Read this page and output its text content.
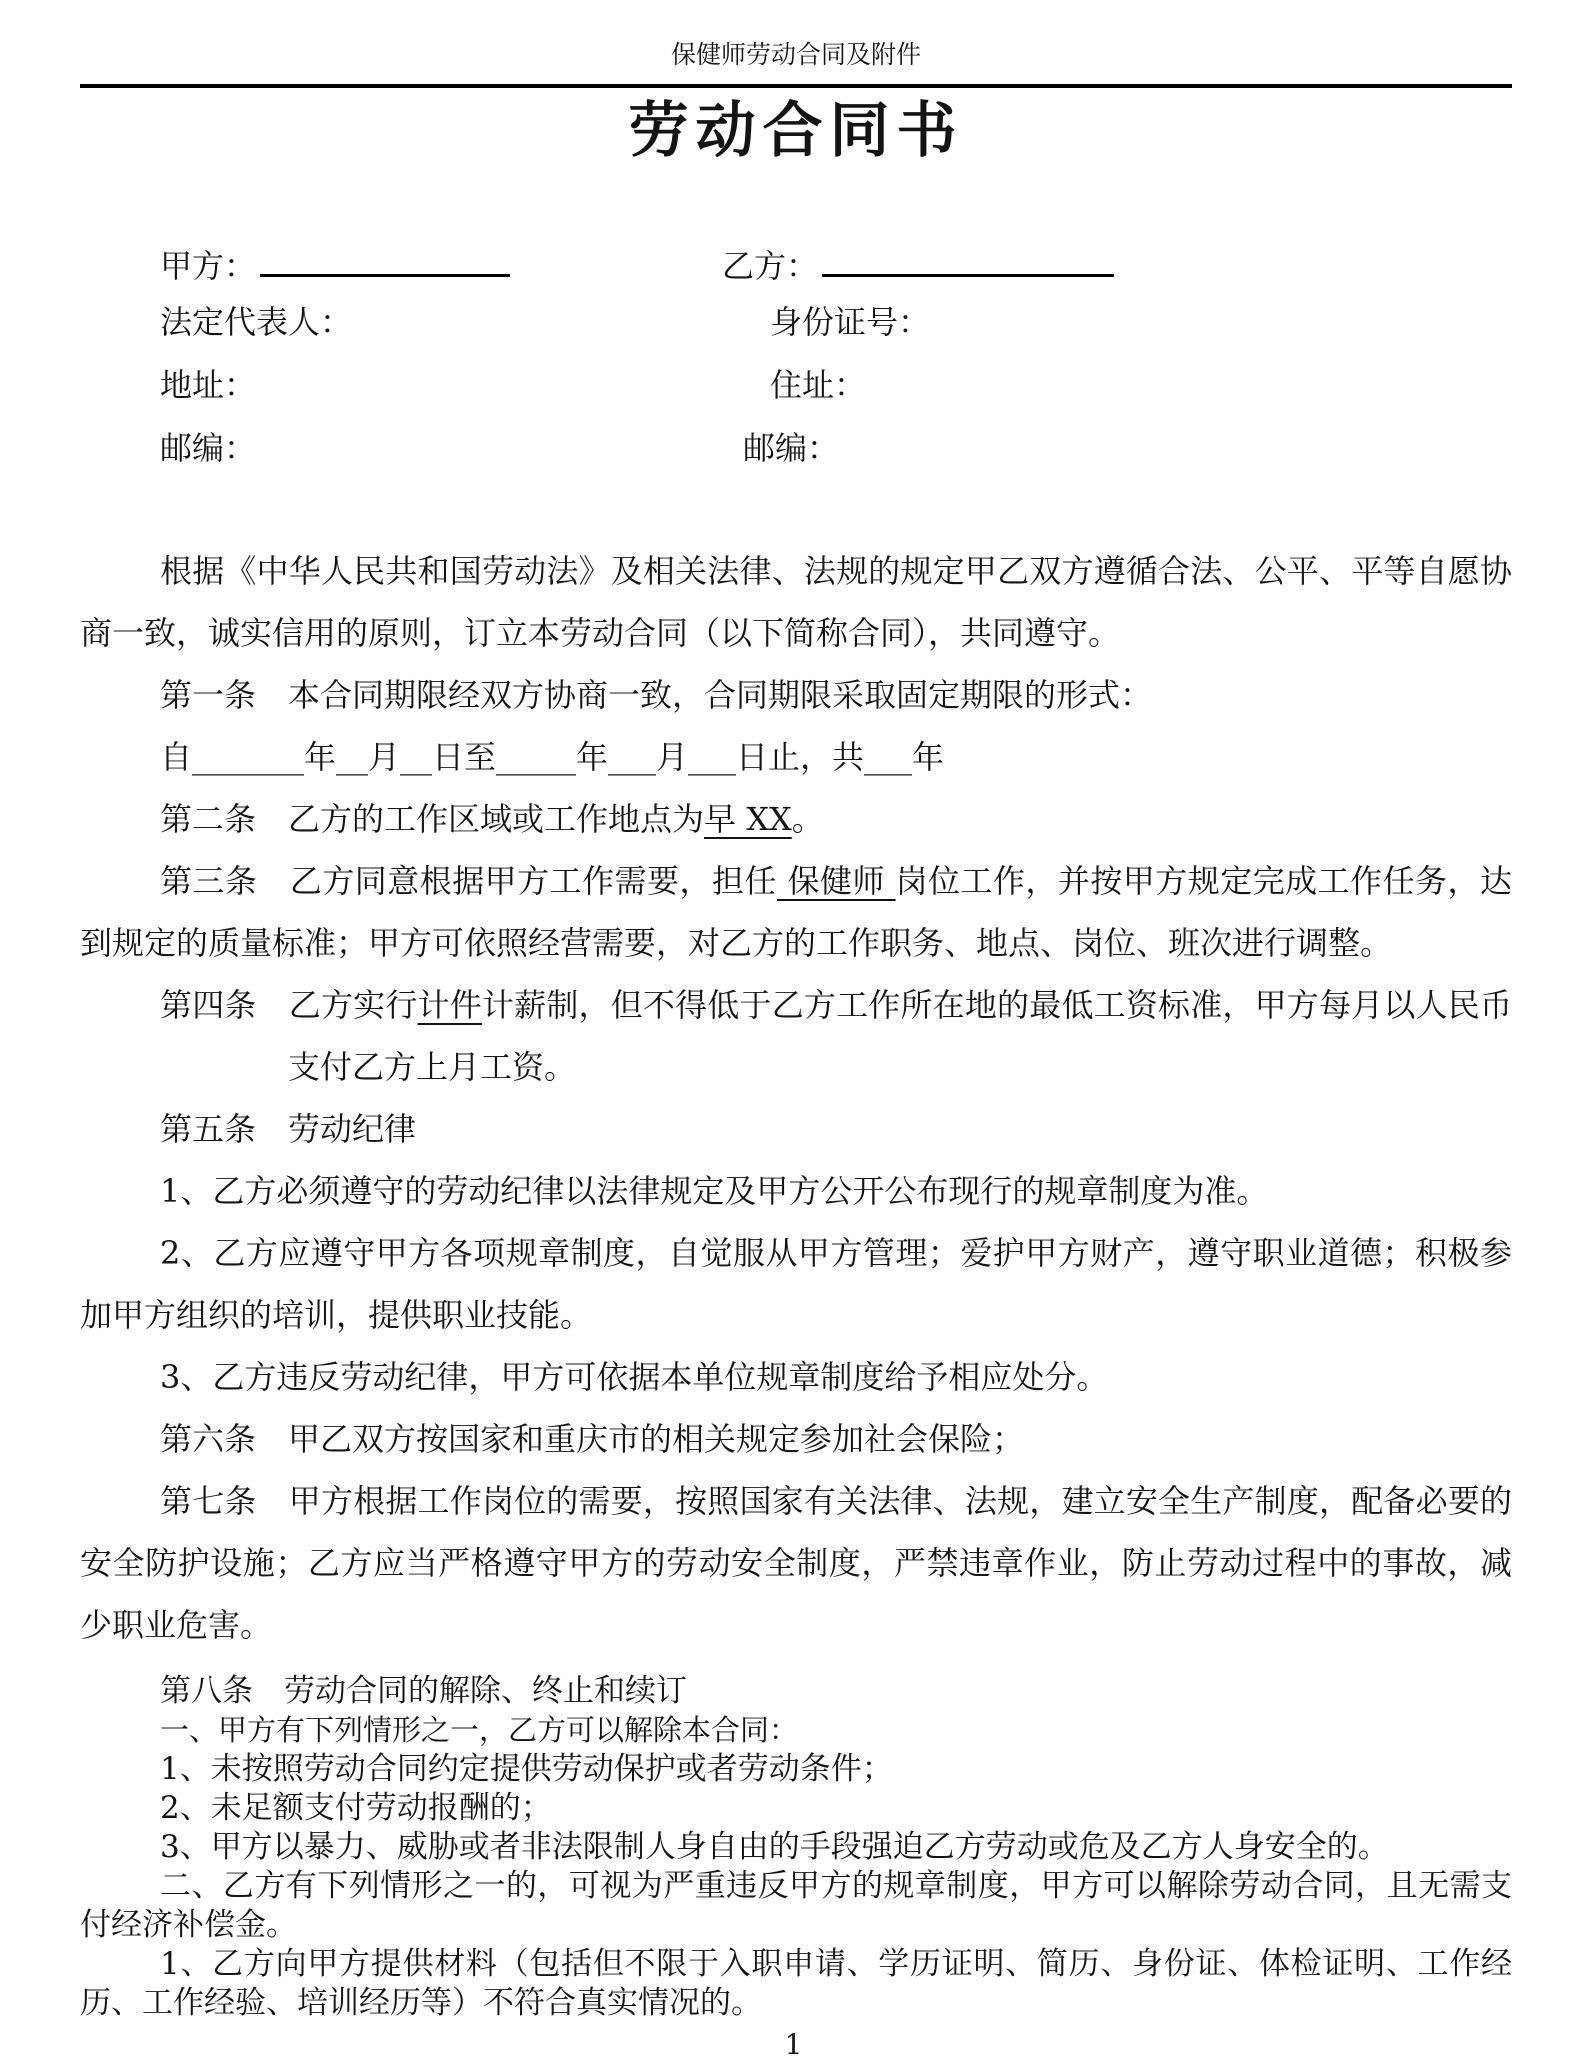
保健师劳动合同及附件
劳动合同书
甲方：	乙方：
法定代表人：	身份证号：
地址：	住址：
邮编：	邮编：

根据《中华人民共和国劳动法》及相关法律、法规的规定甲乙双方遵循合法、公平、平等自愿协商一致，诚实信用的原则，订立本劳动合同（以下简称合同），共同遵守。

第一条　本合同期限经双方协商一致，合同期限采取固定期限的形式：

自_______年__月__日至_____年___月___日止，共___年

第二条　乙方的工作区域或工作地点为早 XX。

第三条　乙方同意根据甲方工作需要，担任 保健师 岗位工作，并按甲方规定完成工作任务，达到规定的质量标准；甲方可依照经营需要，对乙方的工作职务、地点、岗位、班次进行调整。

第四条　乙方实行计件计薪制，但不得低于乙方工作所在地的最低工资标准，甲方每月以人民币支付乙方上月工资。

第五条　劳动纪律

1、乙方必须遵守的劳动纪律以法律规定及甲方公开公布现行的规章制度为准。

2、乙方应遵守甲方各项规章制度，自觉服从甲方管理；爱护甲方财产，遵守职业道德；积极参加甲方组织的培训，提供职业技能。

3、乙方违反劳动纪律，甲方可依据本单位规章制度给予相应处分。

第六条　甲乙双方按国家和重庆市的相关规定参加社会保险；

第七条　甲方根据工作岗位的需要，按照国家有关法律、法规，建立安全生产制度，配备必要的安全防护设施；乙方应当严格遵守甲方的劳动安全制度，严禁违章作业，防止劳动过程中的事故，减少职业危害。

第八条　劳动合同的解除、终止和续订

一、甲方有下列情形之一，乙方可以解除本合同：

1、未按照劳动合同约定提供劳动保护或者劳动条件；

2、未足额支付劳动报酬的；

3、甲方以暴力、威胁或者非法限制人身自由的手段强迫乙方劳动或危及乙方人身安全的。

二、乙方有下列情形之一的，可视为严重违反甲方的规章制度，甲方可以解除劳动合同，且无需支付经济补偿金。

1、乙方向甲方提供材料（包括但不限于入职申请、学历证明、简历、身份证、体检证明、工作经历、工作经验、培训经历等）不符合真实情况的。

1
